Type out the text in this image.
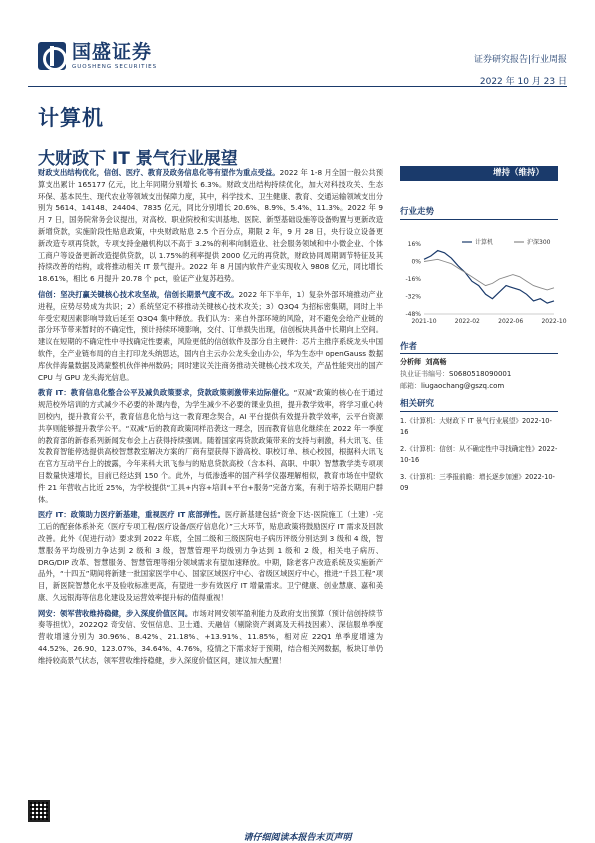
国盛证券
GUOSHENG SECURITIES
证券研究报告|行业周报
2022 年 10 月 23 日
计算机
大财政下 IT 景气行业展望

财政支出结构优化，信创、医疗、教育及政务信息化等有望作为重点受益。2022 年 1-8 月全国一般公共预算支出累计 165177 亿元，比上年同期分别增长 6.3%。财政支出结构持续优化，加大对科技攻关、生态环保、基本民生、现代农业等领域支出保障力度，其中，科学技术、卫生健康、教育、交通运输领域支出分别为 5614、14148、24404、7835 亿元，同比分别增长 20.6%、8.9%、5.4%、11.3%。2022 年 9 月 7 日，国务院常务会议提出，对高校、职业院校和实训基地、医院、新型基础设施等设备购置与更新改造新增贷款，实施阶段性贴息政策，中央财政贴息 2.5 个百分点，期限 2 年，9 月 28 日，央行设立设备更新改造专项再贷款，专项支持金融机构以不高于 3.2%的利率向制造业、社会服务领域和中小微企业、个体工商户等设备更新改造提供贷款，以 1.75%的利率提供 2000 亿元的再贷款，财政协同周期调节特征及其持续改善的结构，或将推动相关 IT 景气提升。2022 年 8 月国内软件产业实现收入 9808 亿元，同比增长 18.61%，相比 6 月提升 20.78 个 pct，验证产业复苏趋势。

信创：坚决打赢关键核心技术攻坚战，信创长期景气度不改。2022 年下半年，1）复杂外部环境推动产业进程，应势尽势成为共识；2）系统坚定不移推动关键核心技术攻关；3）Q3Q4 为招标密集期，同时上半年受宏观因素影响导致后延至 Q3Q4 集中释放。我们认为：来自外部环境的风险，对不避免会给产业链的部分环节带来暂时的不确定性，预计持续环境影响，交付、订单损失出现，信创板块具备中长期向上空间。建议在短期的不确定性中寻找确定性要素，风险更低的信创软件及部分自主硬件：芯片主推序系统龙头中国软件，全产业链布局的自主打印龙头纳思达，国内自主云办公龙头金山办公，华为生态中 openGauss 数据库伙伴海量数据及鸿蒙整机伙伴神州数码；同时建议关注商务推动关键核心技术攻关，产品性能突出的国产 CPU 与 GPU 龙头海光信息。

教育 IT：教育信息化整合公平及减负政策要求，贷款政策刺激带来边际催化。“双减”政策的核心在于通过规范校外培训的方式减少不必要的补课内卷，为学生减少不必要的课业负担，提升教学效率，将学习重心转回校内，提升教育公平，教育信息化恰与这一教育理念契合，AI 平台提供有效提升教学效率，云平台资源共享则能够提升教学公平。“双减”后的教育政策同样沿袭这一理念，因而教育信息化继续在 2022 年一季度的教育部的新春系列新闻发布会上占获得持续强调。随着国家再贷款政策带来的支持与刺激，科大讯飞、佳发教育智能停选提供高校智慧教室解决方案的厂商有望获得下游高校、职校订单、核心校园，根据科大讯飞在官方互动平台上的披露，今年来科大讯飞参与的贴息贷款高校（含本科、高职、中职）智慧教学类专项项目数量快速增长，目前已经达到 150 个。此外，与低渗透率的国产科学仪器理解相似，教育市场在中望软件 21 年营收占比近 25%，为学校提供“工具+内容+培训+平台+服务”完备方案，有利于培养长期用户群体。

医疗 IT：政策助力医疗新基建，重视医疗 IT 底部弹性。医疗新基建包括“资金下达-医院施工（土建）-完工后的配套体系补充（医疗专项工程/医疗设备/医疗信息化）”三大环节，贴息政策将鼓励医疗 IT 需求及回款改善。此外《促进行动》要求到 2022 年底，全国二级和三级医院电子病历评级分别达到 3 级和 4 级，智慧服务平均级别力争达到 2 级和 3 级，智慧管理平均级别力争达到 1 级和 2 级，相关电子病历、DRG/DIP 改革、智慧服务、智慧管理等细分领域需求有望加速释放。中期，除老客户改造系统及实施新产品外，“十四五”期间将新建一批国家医学中心、国家区域医疗中心、省级区域医疗中心，推进“千县工程”项目，新医院智慧化水平及验收标准更高，有望进一步有效医疗 IT 增量需求。卫宁健康、创业慧康、嘉和美康、久远银海等信息化建设及运营效率提升标的值得重视！

网安：领军营收维持稳健，步入深度价值区间。市场对网安领军盈利能力及政府支出预算（预计信创持续节奏等担忧），2022Q2 奇安信、安恒信息、卫士通、天融信（剔除资产剥离及天科技因素）、深信服单季度营收增速分别为 30.96%、8.42%、21.18%、+13.91%、11.85%，相对应 22Q1 单季度增速为 44.52%、26.90、123.07%、34.64%、4.76%，疫情之下需求好于预期，结合相关网数据，板块订单仍维持较高景气状态，领军营收维持稳健，步入深度价值区间，建议加大配置！

增持（维持）
行业走势
16%
0%
-16%
-32%
-48%
2021-10	2022-02	2022-06	2022-10
计算机	沪深300
作者
分析师 刘高畅
执业证书编号：S0680518090001
邮箱：liugaochang@gszq.com
相关研究
1.《计算机：大财政下 IT 景气行业展望》2022-10-16
2.《计算机：信创：从不确定性中寻找确定性》2022-10-16
3.《计算机：三季报前瞻：增长逐步加速》2022-10-09
请仔细阅读本报告末页声明
